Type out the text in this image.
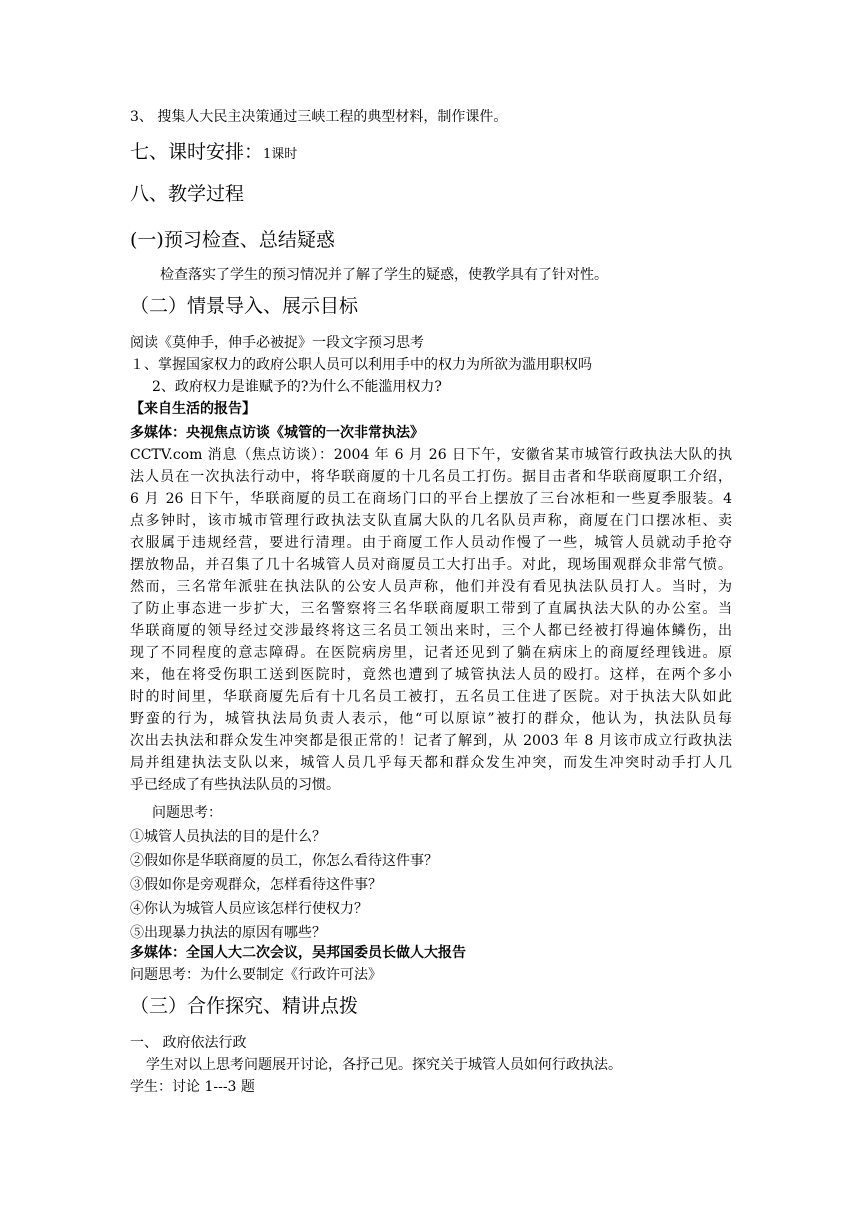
3、 搜集人大民主决策通过三峡工程的典型材料，制作课件。
七、课时安排：1课时
八、教学过程
(一)预习检查、总结疑惑
检查落实了学生的预习情况并了解了学生的疑惑，使教学具有了针对性。
（二）情景导入、展示目标
阅读《莫伸手，伸手必被捉》一段文字预习思考
１、掌握国家权力的政府公职人员可以利用手中的权力为所欲为滥用职权吗
2、政府权力是谁赋予的?为什么不能滥用权力?
【来自生活的报告】
多媒体：央视焦点访谈《城管的一次非常执法》
CCTV.com 消息（焦点访谈）：2004 年 6 月 26 日下午，安徽省某市城管行政执法大队的执
法人员在一次执法行动中，将华联商厦的十几名员工打伤。据目击者和华联商厦职工介绍，
6 月 26 日下午，华联商厦的员工在商场门口的平台上摆放了三台冰柜和一些夏季服装。4
点多钟时，该市城市管理行政执法支队直属大队的几名队员声称，商厦在门口摆冰柜、卖
衣服属于违规经营，要进行清理。由于商厦工作人员动作慢了一些，城管人员就动手抢夺
摆放物品，并召集了几十名城管人员对商厦员工大打出手。对此，现场围观群众非常气愤。
然而，三名常年派驻在执法队的公安人员声称，他们并没有看见执法队员打人。当时，为
了防止事态进一步扩大，三名警察将三名华联商厦职工带到了直属执法大队的办公室。当
华联商厦的领导经过交涉最终将这三名员工领出来时，三个人都已经被打得遍体鳞伤，出
现了不同程度的意志障碍。在医院病房里，记者还见到了躺在病床上的商厦经理钱进。原
来，他在将受伤职工送到医院时，竟然也遭到了城管执法人员的殴打。这样，在两个多小
时的时间里，华联商厦先后有十几名员工被打，五名员工住进了医院。对于执法大队如此
野蛮的行为，城管执法局负责人表示，他“可以原谅”被打的群众，他认为，执法队员每
次出去执法和群众发生冲突都是很正常的！记者了解到，从 2003 年 8 月该市成立行政执法
局并组建执法支队以来，城管人员几乎每天都和群众发生冲突，而发生冲突时动手打人几
乎已经成了有些执法队员的习惯。
问题思考：
①城管人员执法的目的是什么？
②假如你是华联商厦的员工，你怎么看待这件事？
③假如你是旁观群众，怎样看待这件事？
④你认为城管人员应该怎样行使权力？
⑤出现暴力执法的原因有哪些？
多媒体：全国人大二次会议，吴邦国委员长做人大报告
问题思考：为什么要制定《行政许可法》
（三）合作探究、精讲点拨
一、 政府依法行政
学生对以上思考问题展开讨论，各抒己见。探究关于城管人员如何行政执法。
学生：讨论 1---3 题
